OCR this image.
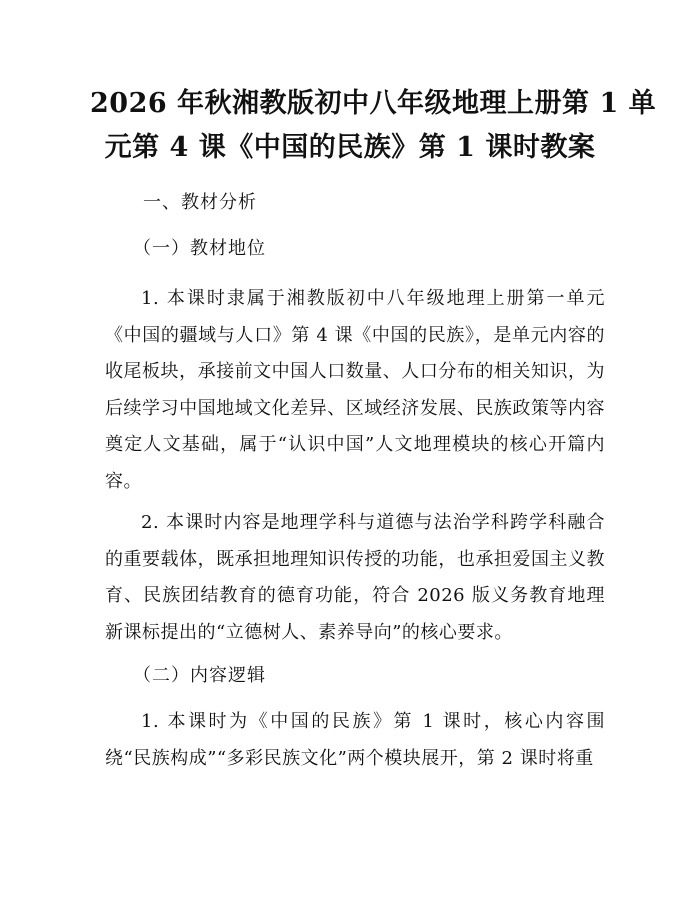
2026 年秋湘教版初中八年级地理上册第 1 单
元第 4 课《中国的民族》第 1 课时教案
一、教材分析
（一）教材地位
1. 本课时隶属于湘教版初中八年级地理上册第一单元《中国的疆域与人口》第 4 课《中国的民族》，是单元内容的收尾板块，承接前文中国人口数量、人口分布的相关知识，为后续学习中国地域文化差异、区域经济发展、民族政策等内容奠定人文基础，属于“认识中国”人文地理模块的核心开篇内容。
2. 本课时内容是地理学科与道德与法治学科跨学科融合的重要载体，既承担地理知识传授的功能，也承担爱国主义教育、民族团结教育的德育功能，符合 2026 版义务教育地理新课标提出的“立德树人、素养导向”的核心要求。
（二）内容逻辑
1. 本课时为《中国的民族》第 1 课时，核心内容围绕“民族构成”“多彩民族文化”两个模块展开，第 2 课时将重
